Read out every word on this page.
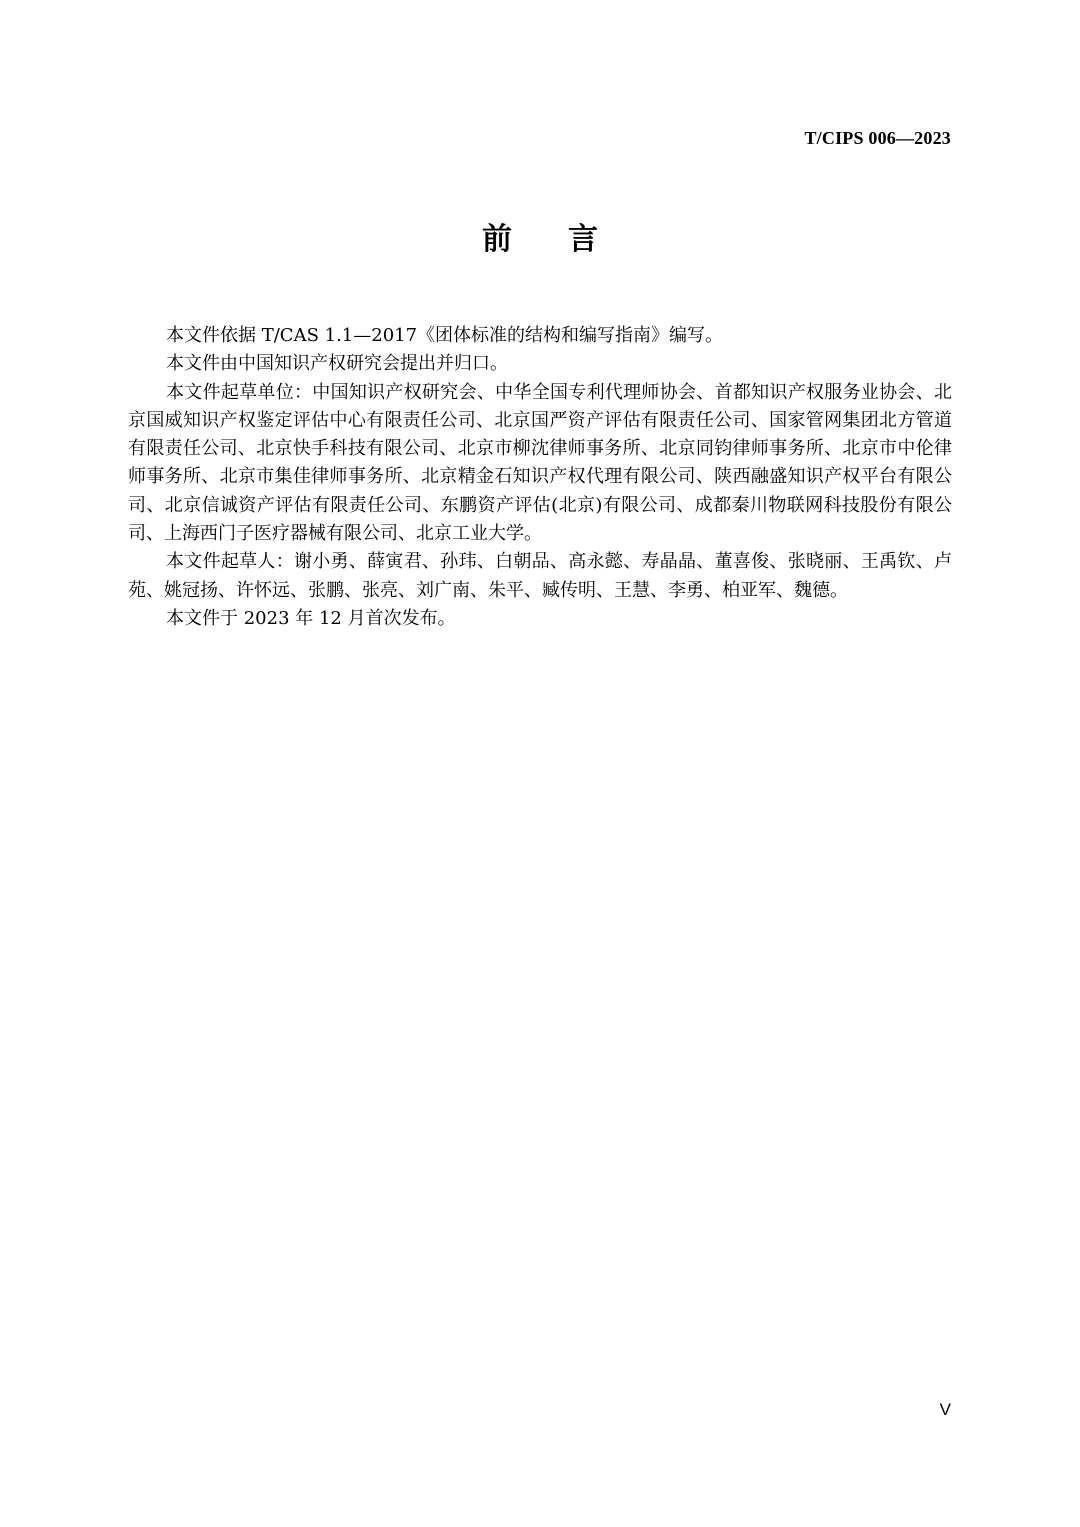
T/CIPS 006—2023
前言

本文件依据 T/CAS 1.1—2017《团体标准的结构和编写指南》编写。

本文件由中国知识产权研究会提出并归口。

本文件起草单位：中国知识产权研究会、中华全国专利代理师协会、首都知识产权服务业协会、北京国威知识产权鉴定评估中心有限责任公司、北京国严资产评估有限责任公司、国家管网集团北方管道有限责任公司、北京快手科技有限公司、北京市柳沈律师事务所、北京同钧律师事务所、北京市中伦律师事务所、北京市集佳律师事务所、北京精金石知识产权代理有限公司、陕西融盛知识产权平台有限公司、北京信诚资产评估有限责任公司、东鹏资产评估(北京)有限公司、成都秦川物联网科技股份有限公司、上海西门子医疗器械有限公司、北京工业大学。

本文件起草人：谢小勇、薛寅君、孙玮、白朝品、高永懿、寿晶晶、董喜俊、张晓丽、王禹钦、卢苑、姚冠扬、许怀远、张鹏、张亮、刘广南、朱平、臧传明、王慧、李勇、柏亚军、魏德。

本文件于 2023 年 12 月首次发布。

V
